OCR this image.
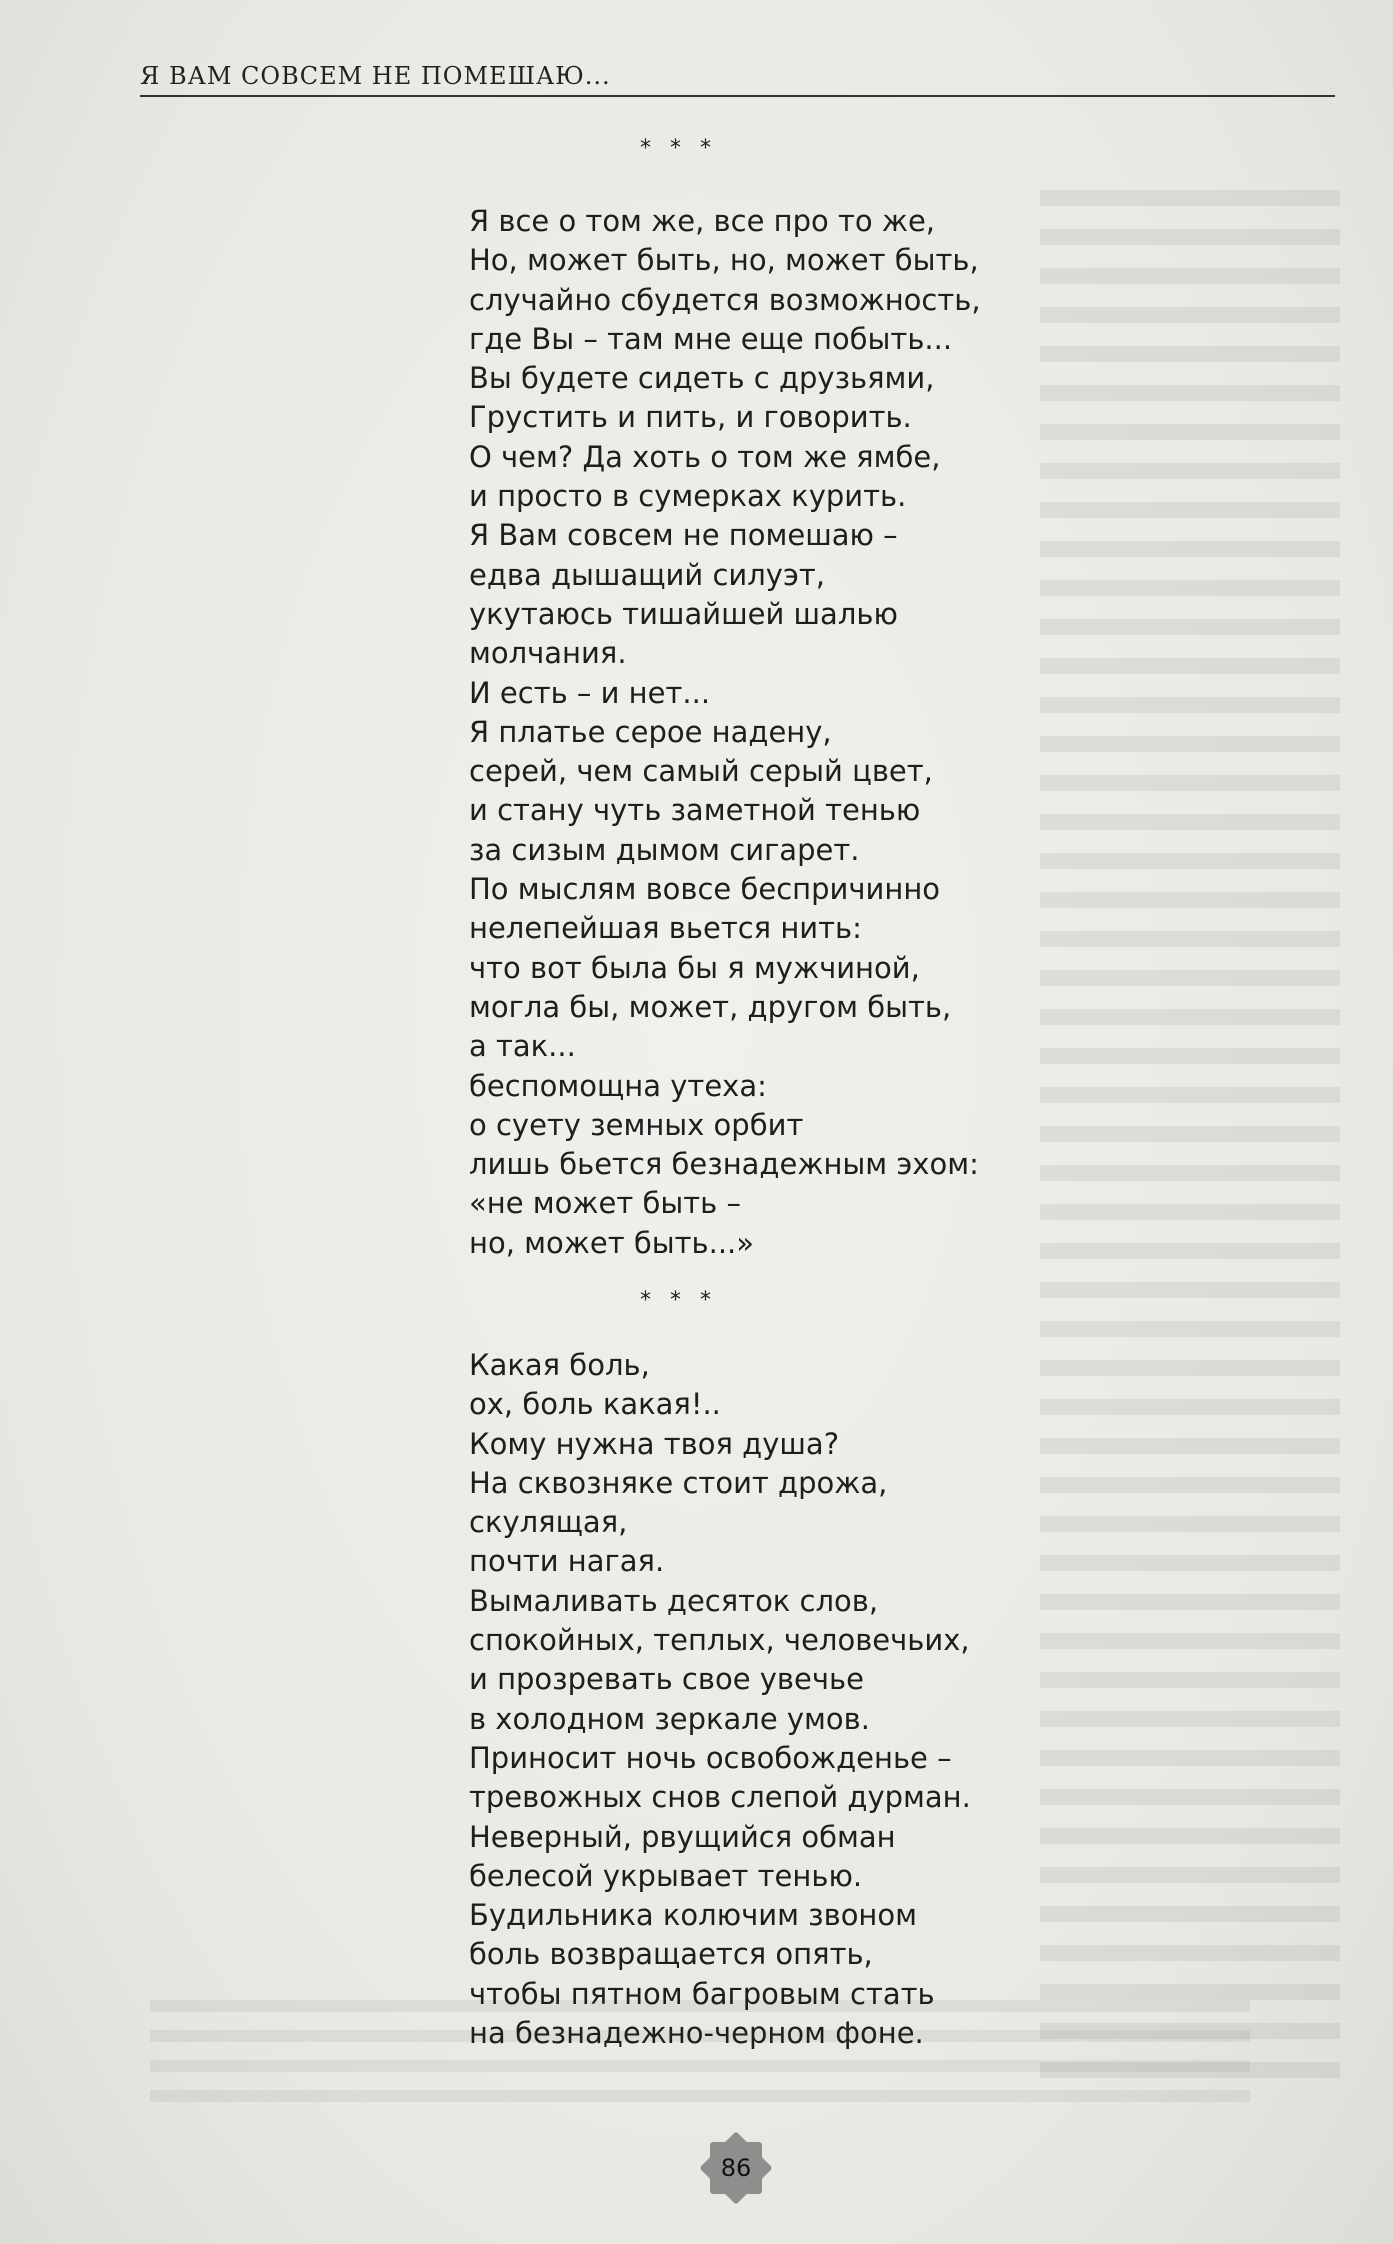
Я ВАМ СОВСЕМ НЕ ПОМЕШАЮ...
* * *
Я все о том же, все про то же,
Но, может быть, но, может быть,
случайно сбудется возможность,
где Вы – там мне еще побыть...
Вы будете сидеть с друзьями,
Грустить и пить, и говорить.
О чем? Да хоть о том же ямбе,
и просто в сумерках курить.
Я Вам совсем не помешаю –
едва дышащий силуэт,
укутаюсь тишайшей шалью
молчания.
И есть – и нет...
Я платье серое надену,
серей, чем самый серый цвет,
и стану чуть заметной тенью
за сизым дымом сигарет.
По мыслям вовсе беспричинно
нелепейшая вьется нить:
что вот была бы я мужчиной,
могла бы, может, другом быть,
а так...
беспомощна утеха:
о суету земных орбит
лишь бьется безнадежным эхом:
«не может быть –
но, может быть...»
* * *
Какая боль,
ох, боль какая!..
Кому нужна твоя душа?
На сквозняке стоит дрожа,
скулящая,
почти нагая.
Вымаливать десяток слов,
спокойных, теплых, человечьих,
и прозревать свое увечье
в холодном зеркале умов.
Приносит ночь освобожденье –
тревожных снов слепой дурман.
Неверный, рвущийся обман
белесой укрывает тенью.
Будильника колючим звоном
боль возвращается опять,
чтобы пятном багровым стать
на безнадежно-черном фоне.
86
